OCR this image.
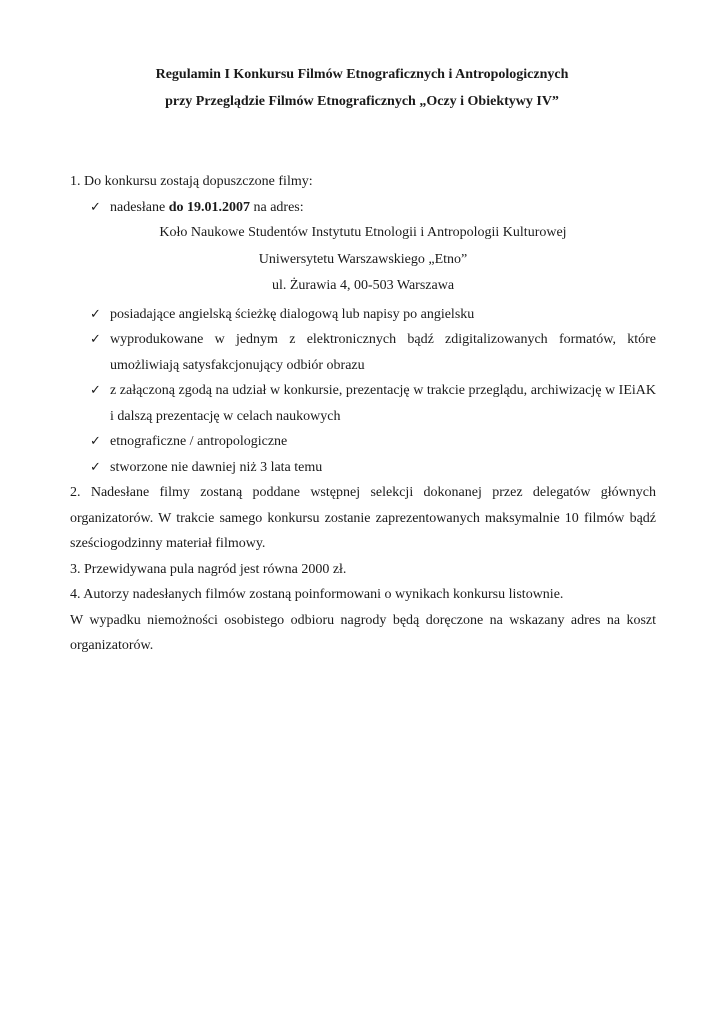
Regulamin I Konkursu Filmów Etnograficznych i Antropologicznych
przy Przeglądzie Filmów Etnograficznych „Oczy i Obiektywy IV”

1. Do konkursu zostają dopuszczone filmy:

✓ nadesłane do 19.01.2007 na adres:

Koło Naukowe Studentów Instytutu Etnologii i Antropologii Kulturowej

Uniwersytetu Warszawskiego „Etno”

ul. Żurawia 4, 00-503 Warszawa

✓ posiadające angielską ścieżkę dialogową lub napisy po angielsku
✓ wyprodukowane w jednym z elektronicznych bądź zdigitalizowanych formatów, które umożliwiają satysfakcjonujący odbiór obrazu
✓ z załączoną zgodą na udział w konkursie, prezentację w trakcie przeglądu, archiwizację w IEiAK i dalszą prezentację w celach naukowych
✓ etnograficzne / antropologiczne
✓ stworzone nie dawniej niż 3 lata temu

2. Nadesłane filmy zostaną poddane wstępnej selekcji dokonanej przez delegatów głównych organizatorów. W trakcie samego konkursu zostanie zaprezentowanych maksymalnie 10 filmów bądź sześciogodzinny materiał filmowy.

3. Przewidywana pula nagród jest równa 2000 zł.

4. Autorzy nadesłanych filmów zostaną poinformowani o wynikach konkursu listownie.

W wypadku niemożności osobistego odbioru nagrody będą doręczone na wskazany adres na koszt organizatorów.
